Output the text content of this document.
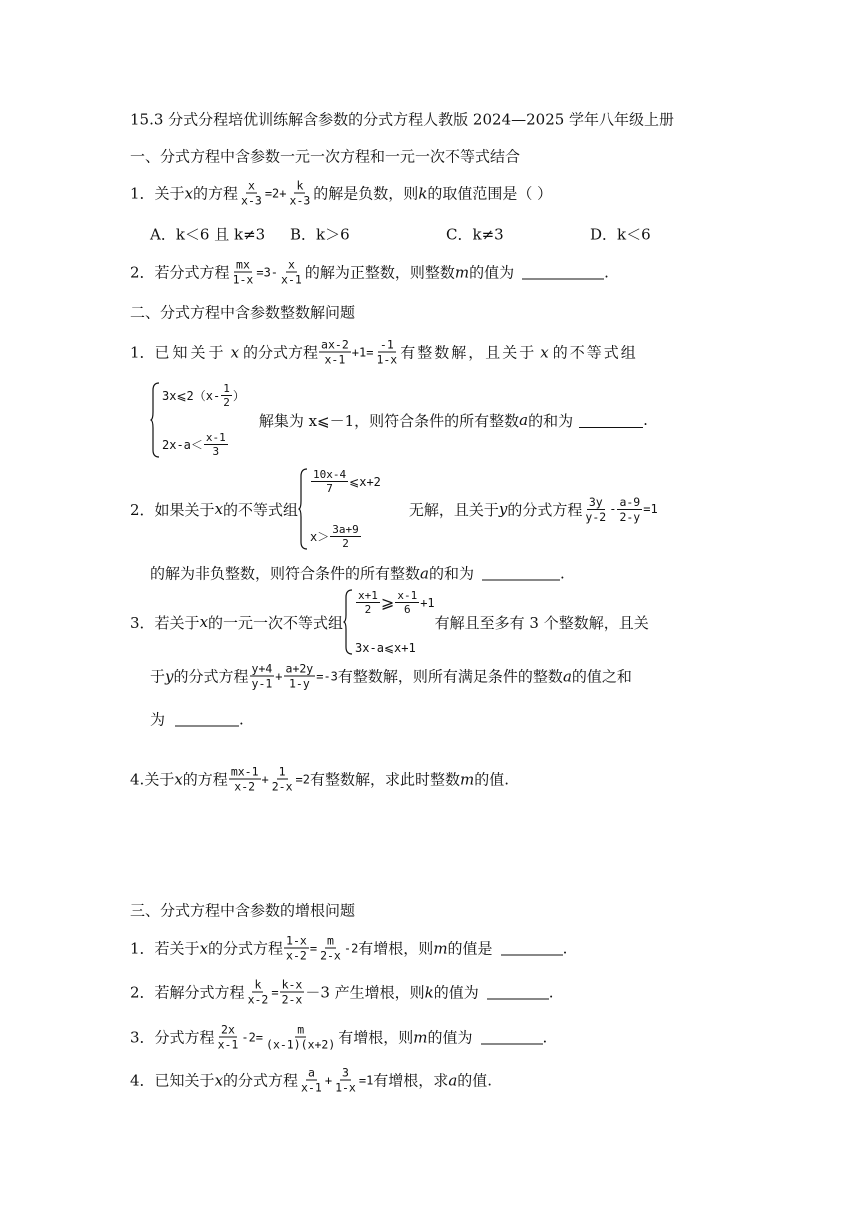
15.3 分式分程培优训练解含参数的分式方程人教版 2024—2025 学年八年级上册
一、分式方程中含参数一元一次方程和一元一次不等式结合
1． 关于 x 的方程 $\frac{x}{x-3} =2+ \frac{k}{x-3}$ 的解是负数，则 k 的取值范围是（ ）
A．k＜6 且 k≠3	B．k＞6	C．k≠3	D．k＜6
2． 若分式方程 $\frac{mx}{1-x} =3-$
x
x-1 的解为正整数，则整数 m 的值为	.
二、分式方程中含参数整数解问题
1． 已知关于 x 的分式方程 ax-2
x-1
$+1= \frac{-1}{1-x}$ 有整数解，且关于 x 的不等式组
3x⩽2（x-
1
2 ）
2x-a＜
x-1
3
解集为 x⩽－1，则符合条件的所有整数 a 的和为	.
2． 如果关于 x 的不等式组
10x-4
7 ⩽x+2
x＞
3a+9
2
无解，且关于 y 的分式方程 3y
y-2
- $\frac{a-9}{2-y} =1$
的解为非负整数，则符合条件的所有整数 a 的和为	.
3． 若关于 x 的一元一次不等式组
x+1
2 ⩾ x-1
6 +1
3x-a⩽x+1
有解且至多有 3 个整数解，且关
于 y 的分式方程 y+4
y-1
+ $\frac{a+2y}{1-y} =-3$ 有整数解，则所有满足条件的整数 a 的值之和
为	.
4. 关于 x 的方程 mx-1
x-2
+ $\frac{1}{2-x} =2$ 有整数解，求此时整数 m 的值.
三、分式方程中含参数的增根问题
1． 若关于 x 的分式方程 $\frac{1-x}{x-2} = \frac{m}{2-x} -2$ 有增根，则 m 的值是	.
2． 若解分式方程 $\frac{k}{x-2} = \frac{k-x}{2-x} -3$ 产生增根，则 k 的值为	.
3． 分式方程 2x
x-1
$-2= \frac{m}{(x-1)(x+2)}$ 有增根，则 m 的值为	.
4． 已知关于 x 的分式方程 a
x-1
+ $\frac{3}{1-x} =1$ 有增根，求 a 的值.
